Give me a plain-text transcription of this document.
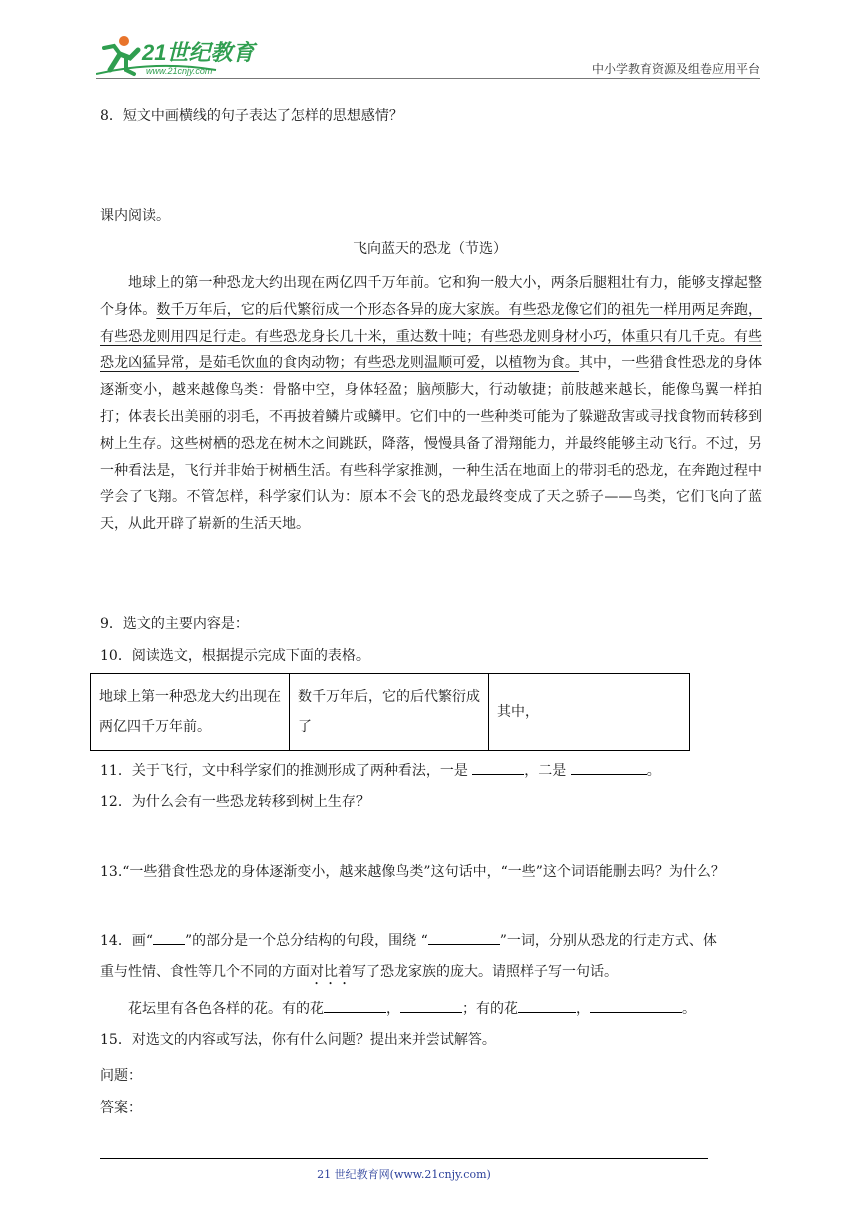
21世纪教育
www.21cnjy.com	中小学教育资源及组卷应用平台
8．短文中画横线的句子表达了怎样的思想感情？
课内阅读。
飞向蓝天的恐龙（节选）

地球上的第一种恐龙大约出现在两亿四千万年前。它和狗一般大小，两条后腿粗壮有力，能够支撑起整个身体。数千万年后，它的后代繁衍成一个形态各异的庞大家族。有些恐龙像它们的祖先一样用两足奔跑，有些恐龙则用四足行走。有些恐龙身长几十米，重达数十吨；有些恐龙则身材小巧，体重只有几千克。有些恐龙凶猛异常，是茹毛饮血的食肉动物；有些恐龙则温顺可爱，以植物为食。其中，一些猎食性恐龙的身体逐渐变小，越来越像鸟类：骨骼中空，身体轻盈；脑颅膨大，行动敏捷；前肢越来越长，能像鸟翼一样拍打；体表长出美丽的羽毛，不再披着鳞片或鳞甲。它们中的一些种类可能为了躲避敌害或寻找食物而转移到树上生存。这些树栖的恐龙在树木之间跳跃，降落，慢慢具备了滑翔能力，并最终能够主动飞行。不过，另一种看法是，飞行并非始于树栖生活。有些科学家推测，一种生活在地面上的带羽毛的恐龙，在奔跑过程中学会了飞翔。不管怎样，科学家们认为：原本不会飞的恐龙最终变成了天之骄子——鸟类，它们飞向了蓝天，从此开辟了崭新的生活天地。

9．选文的主要内容是：
10．阅读选文，根据提示完成下面的表格。
地球上第一种恐龙大约出现在两亿四千万年前。	数千万年后，它的后代繁衍成了	其中，
11．关于飞行，文中科学家们的推测形成了两种看法，一是	，二是	。
12．为什么会有一些恐龙转移到树上生存？
13.“一些猎食性恐龙的身体逐渐变小，越来越像鸟类”这句话中，“一些”这个词语能删去吗？为什么？
14．画“ ”的部分是一个总分结构的句段，围绕 “	”一词，分别从恐龙的行走方式、体
重与性情、食性等几个不同的方面对比着写了恐龙家族的庞大。请照样子写一句话。
花坛里有各色各样的花。有的花	，	；有的花	，	。
15．对选文的内容或写法，你有什么问题？提出来并尝试解答。
问题：
答案：
21 世纪教育网(www.21cnjy.com)
